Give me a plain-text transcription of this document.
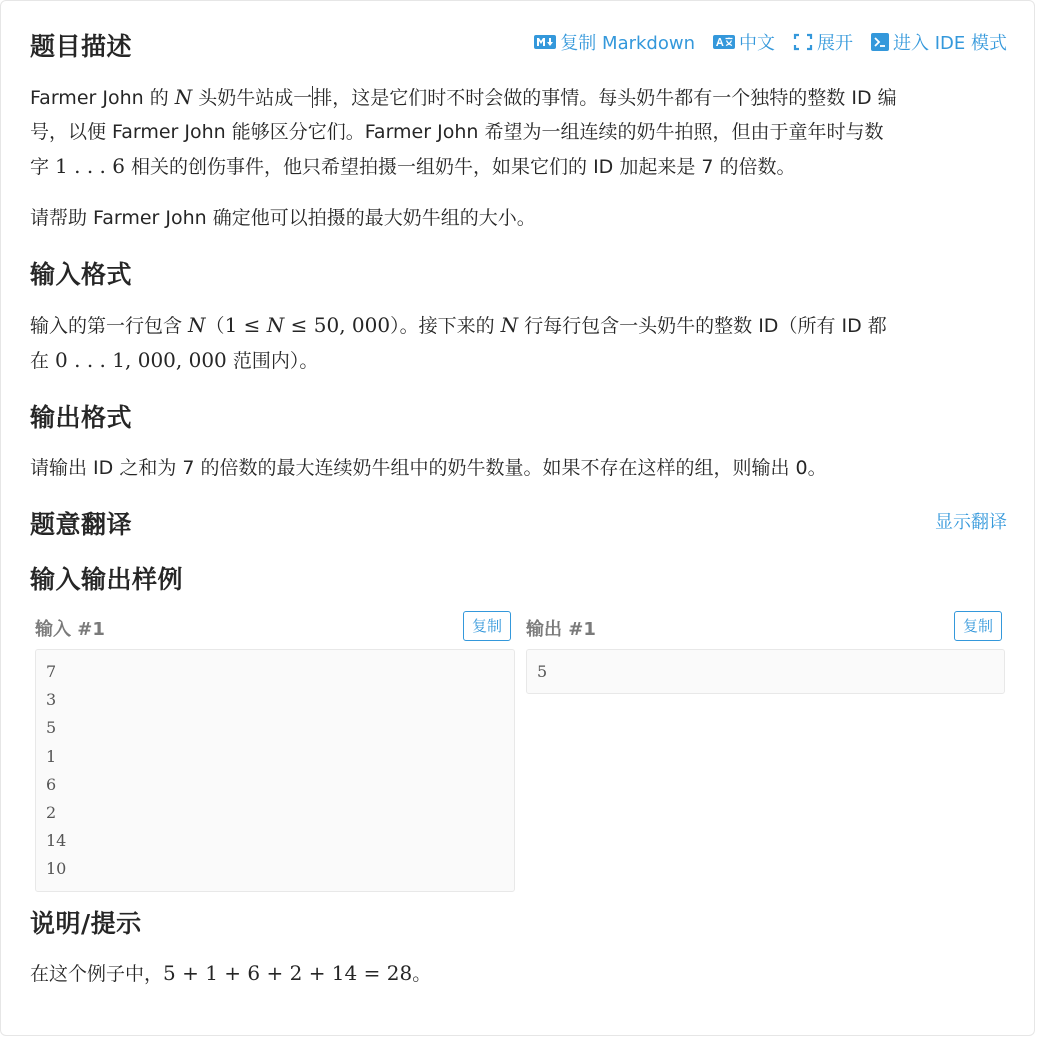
题目描述	复制 Markdown 中文 展开 进入 IDE 模式

Farmer John 的 N 头奶牛站成一排，这是它们时不时会做的事情。每头奶牛都有一个独特的整数 ID 编
号，以便 Farmer John 能够区分它们。Farmer John 希望为一组连续的奶牛拍照，但由于童年时与数
字 1 . . . 6 相关的创伤事件，他只希望拍摄一组奶牛，如果它们的 ID 加起来是 7 的倍数。

请帮助 Farmer John 确定他可以拍摄的最大奶牛组的大小。

输入格式

输入的第一行包含 N（1 ≤ N ≤ 50, 000）。接下来的 N 行每行包含一头奶牛的整数 ID（所有 ID 都
在 0 . . . 1, 000, 000 范围内）。

输出格式

请输出 ID 之和为 7 的倍数的最大连续奶牛组中的奶牛数量。如果不存在这样的组，则输出 0。

题意翻译	显示翻译
输入输出样例
输入 #1	复制
7
3
5
1
6
2
14
10
输出 #1	复制
5
说明/提示

在这个例子中，5 + 1 + 6 + 2 + 14 = 28。
